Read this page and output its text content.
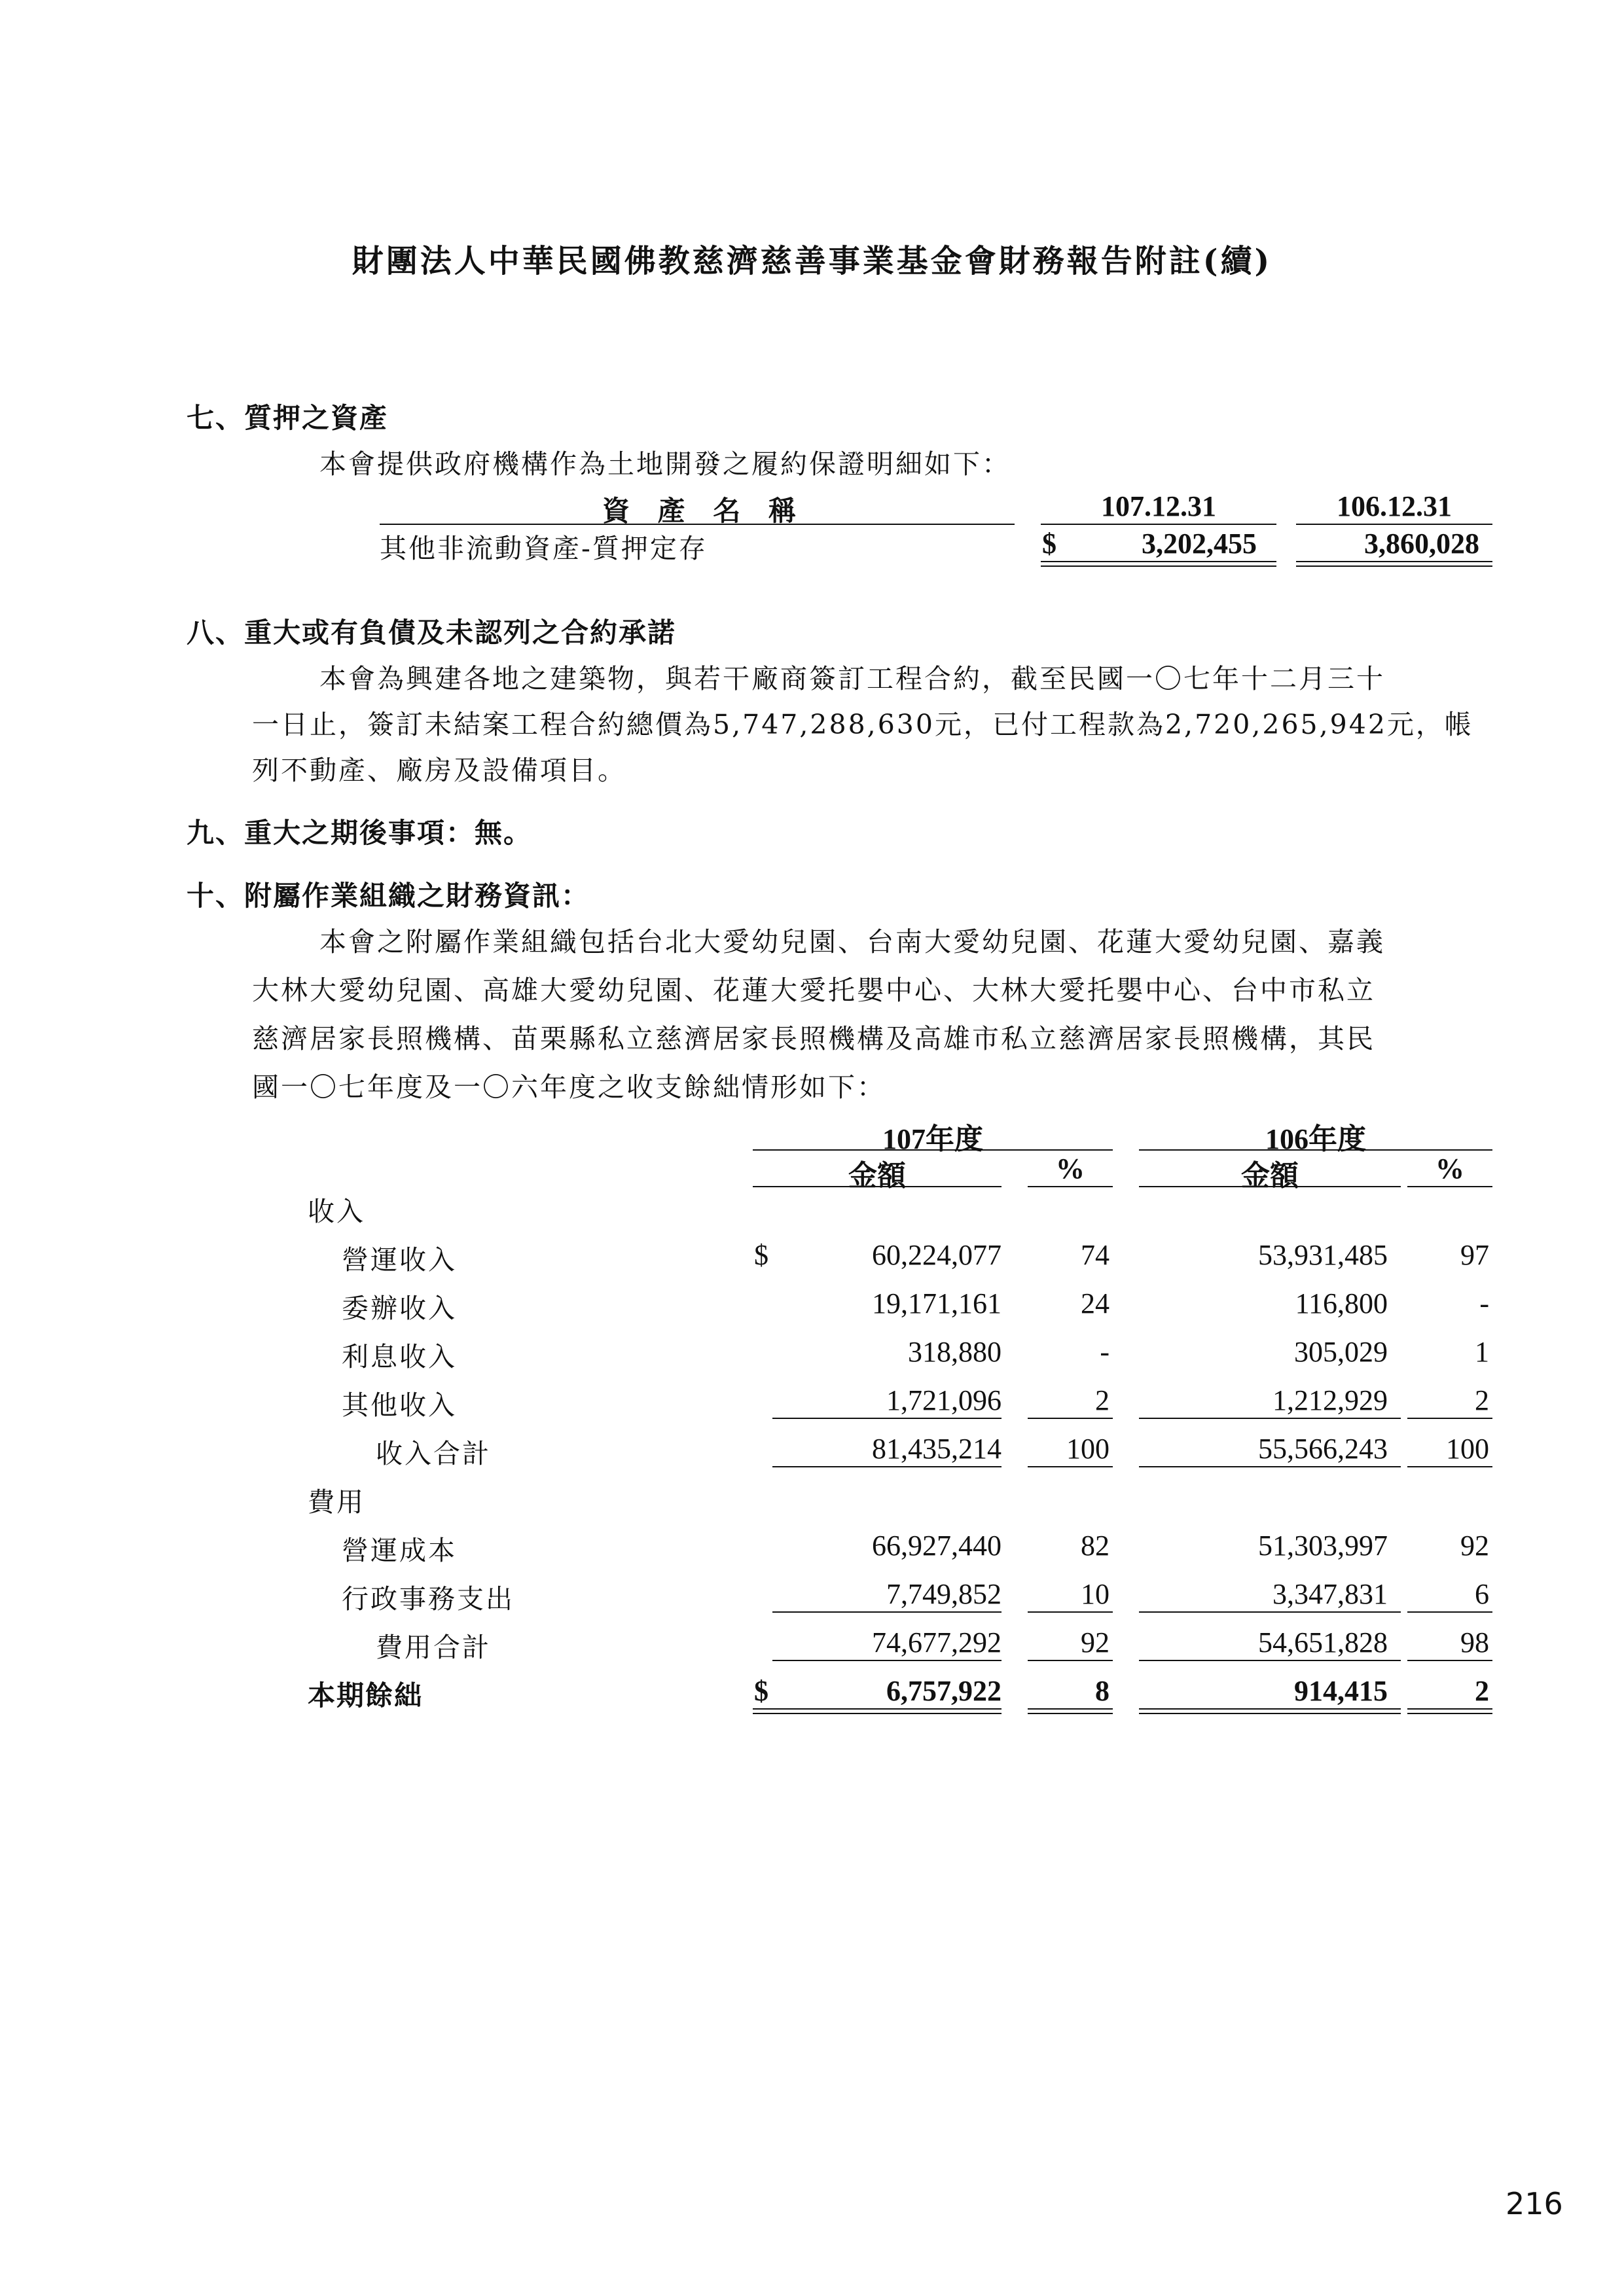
財團法人中華民國佛教慈濟慈善事業基金會財務報告附註(續)
七、質押之資產
本會提供政府機構作為土地開發之履約保證明細如下：
資 產 名 稱	107.12.31	106.12.31
其他非流動資產-質押定存	$	3,202,455	3,860,028
八、重大或有負債及未認列之合約承諾
本會為興建各地之建築物，與若干廠商簽訂工程合約，截至民國一〇七年十二月三十
一日止，簽訂未結案工程合約總價為5,747,288,630元，已付工程款為2,720,265,942元，帳
列不動產、廠房及設備項目。
九、重大之期後事項：無。
十、附屬作業組織之財務資訊：
本會之附屬作業組織包括台北大愛幼兒園、台南大愛幼兒園、花蓮大愛幼兒園、嘉義
大林大愛幼兒園、高雄大愛幼兒園、花蓮大愛托嬰中心、大林大愛托嬰中心、台中市私立
慈濟居家長照機構、苗栗縣私立慈濟居家長照機構及高雄市私立慈濟居家長照機構，其民
國一〇七年度及一〇六年度之收支餘絀情形如下：
107年度	106年度
金額	%	金額	%
收入
營運收入	$	60,224,077	74	53,931,485	97
委辦收入	19,171,161	24	116,800	-
利息收入	318,880	-	305,029	1
其他收入	1,721,096	2	1,212,929	2
收入合計	81,435,214	100	55,566,243	100
費用
營運成本	66,927,440	82	51,303,997	92
行政事務支出	7,749,852	10	3,347,831	6
費用合計	74,677,292	92	54,651,828	98
本期餘絀	$	6,757,922	8	914,415	2
216
